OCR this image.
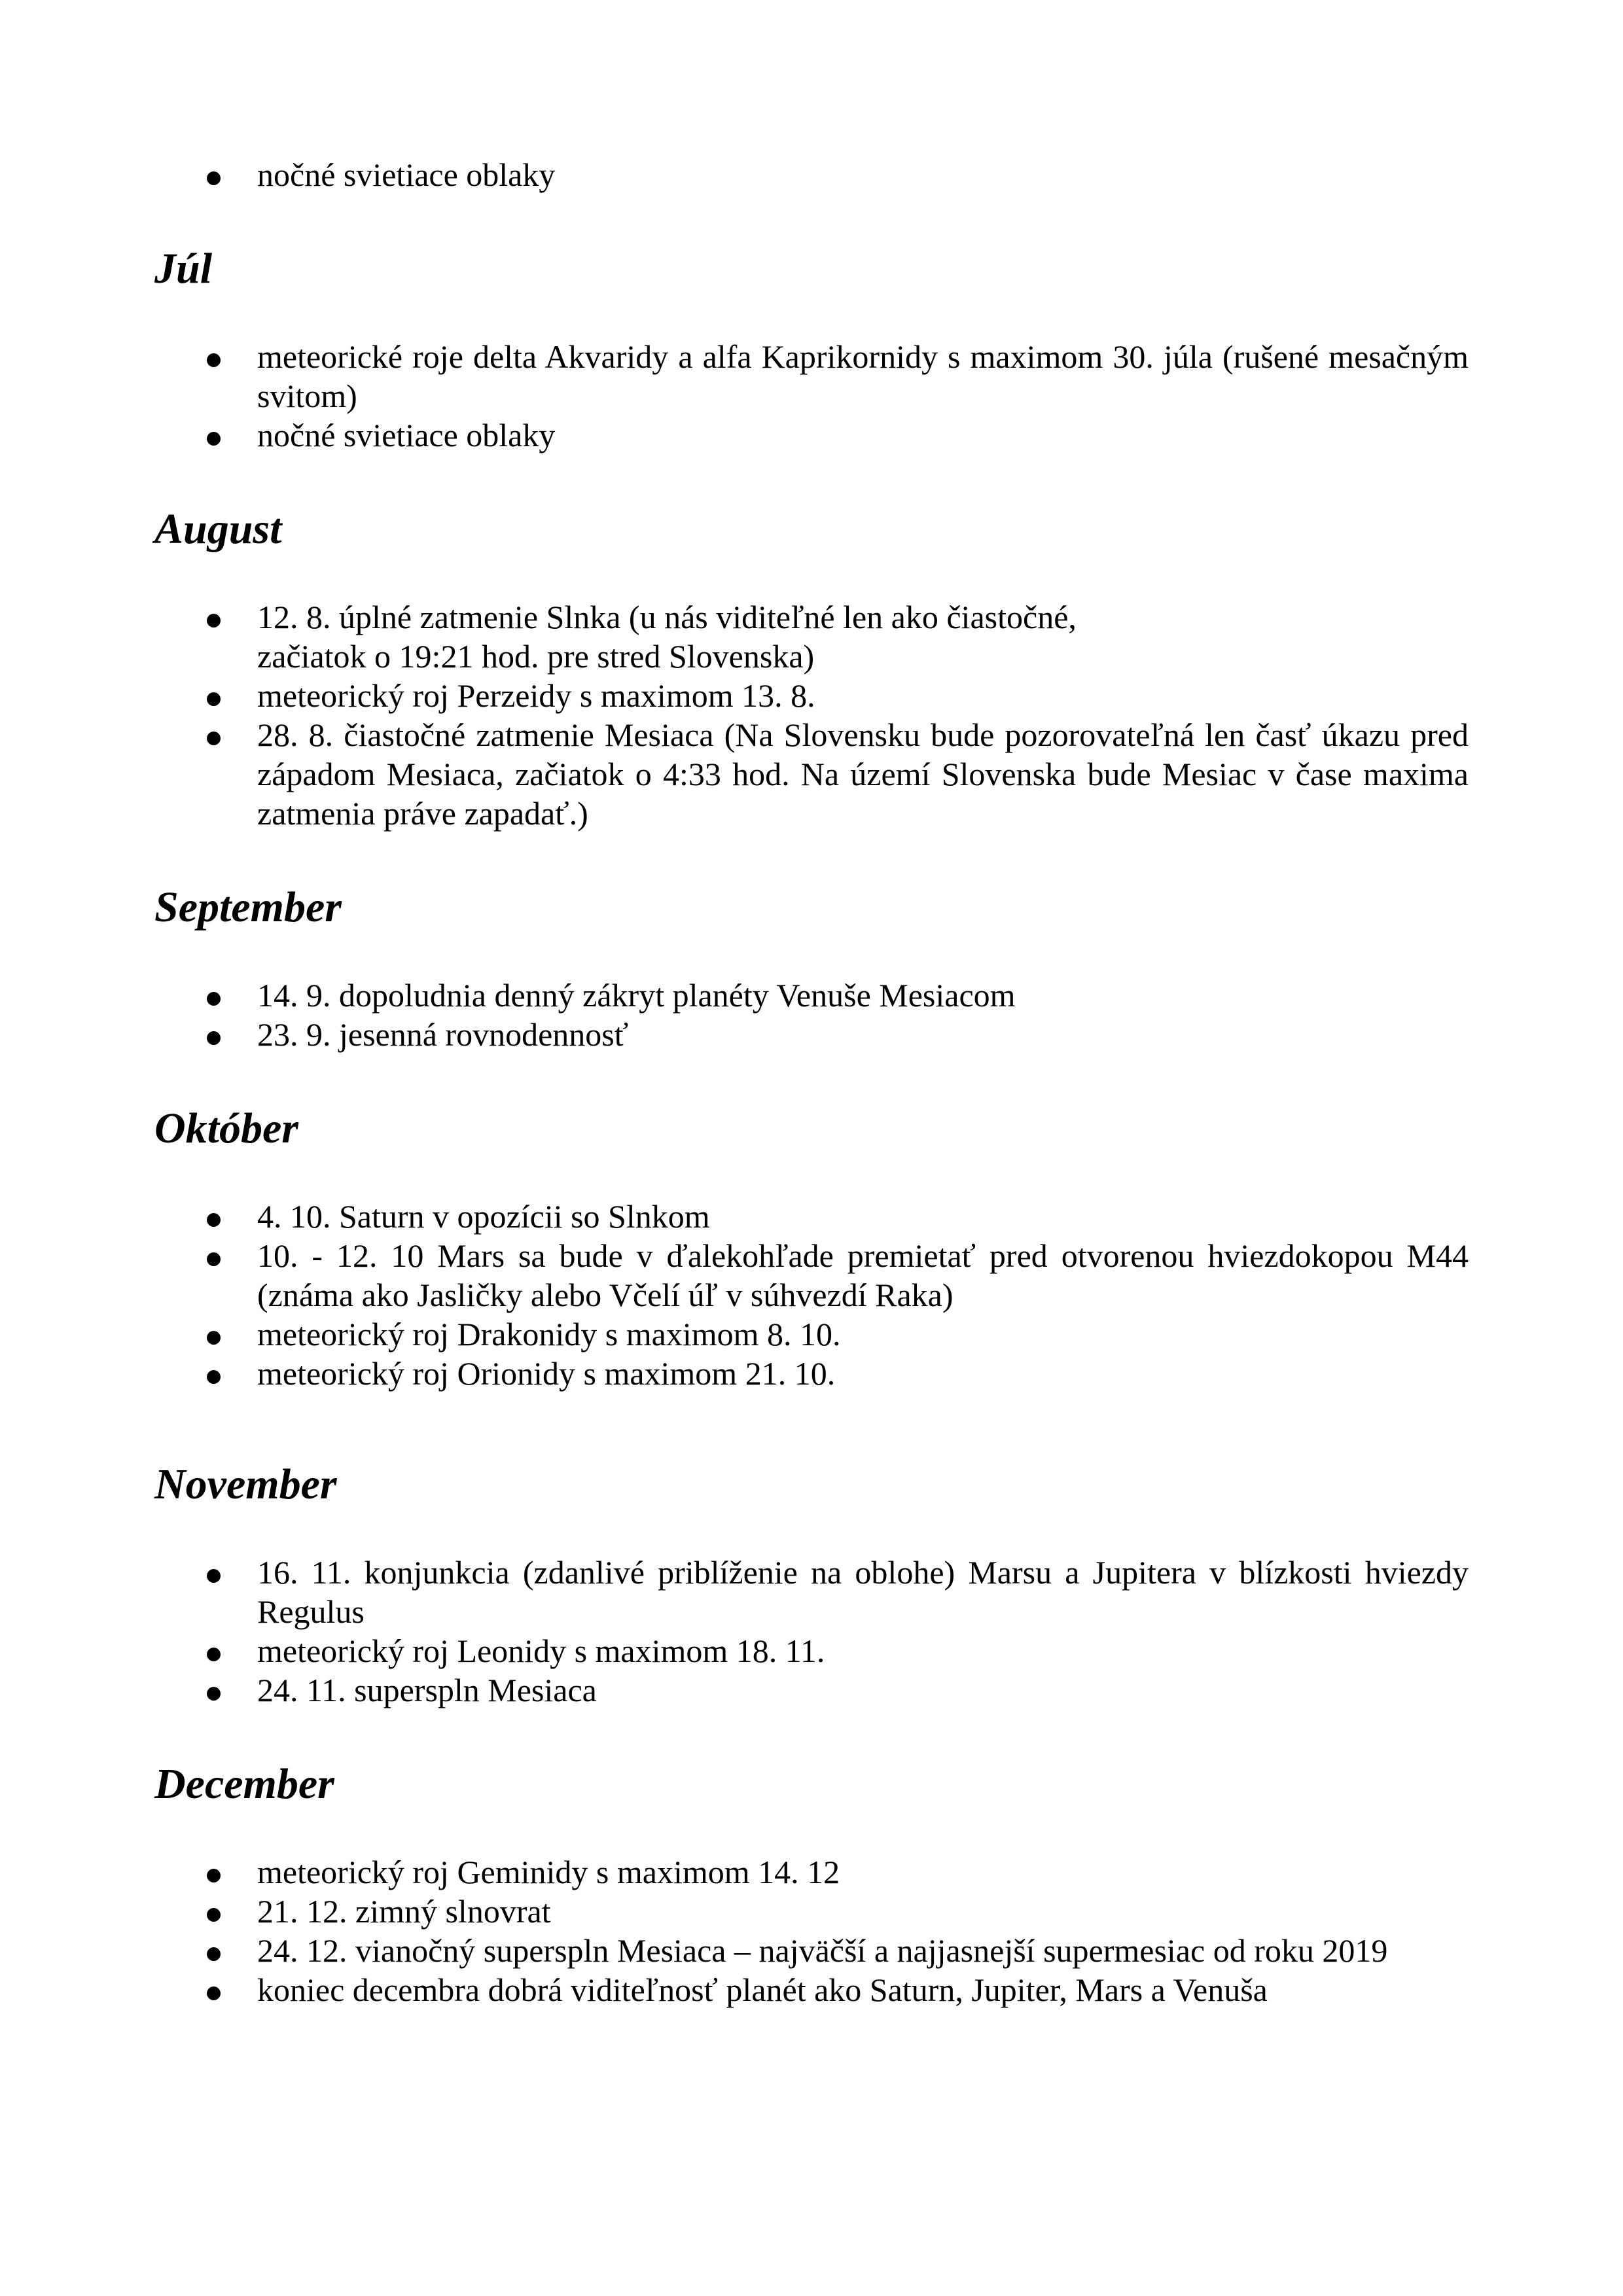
nočné svietiace oblaky
Júl
meteorické roje delta Akvaridy a alfa Kaprikornidy s maximom 30. júla (rušené mesačným svitom)
nočné svietiace oblaky
August
12. 8. úplné zatmenie Slnka (u nás viditeľné len ako čiastočné,
začiatok o 19:21 hod. pre stred Slovenska)
meteorický roj Perzeidy s maximom 13. 8.
28. 8. čiastočné zatmenie Mesiaca (Na Slovensku bude pozorovateľná len časť úkazu pred západom Mesiaca, začiatok o 4:33 hod. Na území Slovenska bude Mesiac v čase maxima zatmenia práve zapadať.)
September
14. 9. dopoludnia denný zákryt planéty Venuše Mesiacom
23. 9. jesenná rovnodennosť
Október
4. 10. Saturn v opozícii so Slnkom
10. - 12. 10 Mars sa bude v ďalekohľade premietať pred otvorenou hviezdokopou M44 (známa ako Jasličky alebo Včelí úľ v súhvezdí Raka)
meteorický roj Drakonidy s maximom 8. 10.
meteorický roj Orionidy s maximom 21. 10.
November
16. 11. konjunkcia (zdanlivé priblíženie na oblohe) Marsu a Jupitera v blízkosti hviezdy Regulus
meteorický roj Leonidy s maximom 18. 11.
24. 11. superspln Mesiaca
December
meteorický roj Geminidy s maximom 14. 12
21. 12. zimný slnovrat
24. 12. vianočný superspln Mesiaca – najväčší a najjasnejší supermesiac od roku 2019
koniec decembra dobrá viditeľnosť planét ako Saturn, Jupiter, Mars a Venuša
